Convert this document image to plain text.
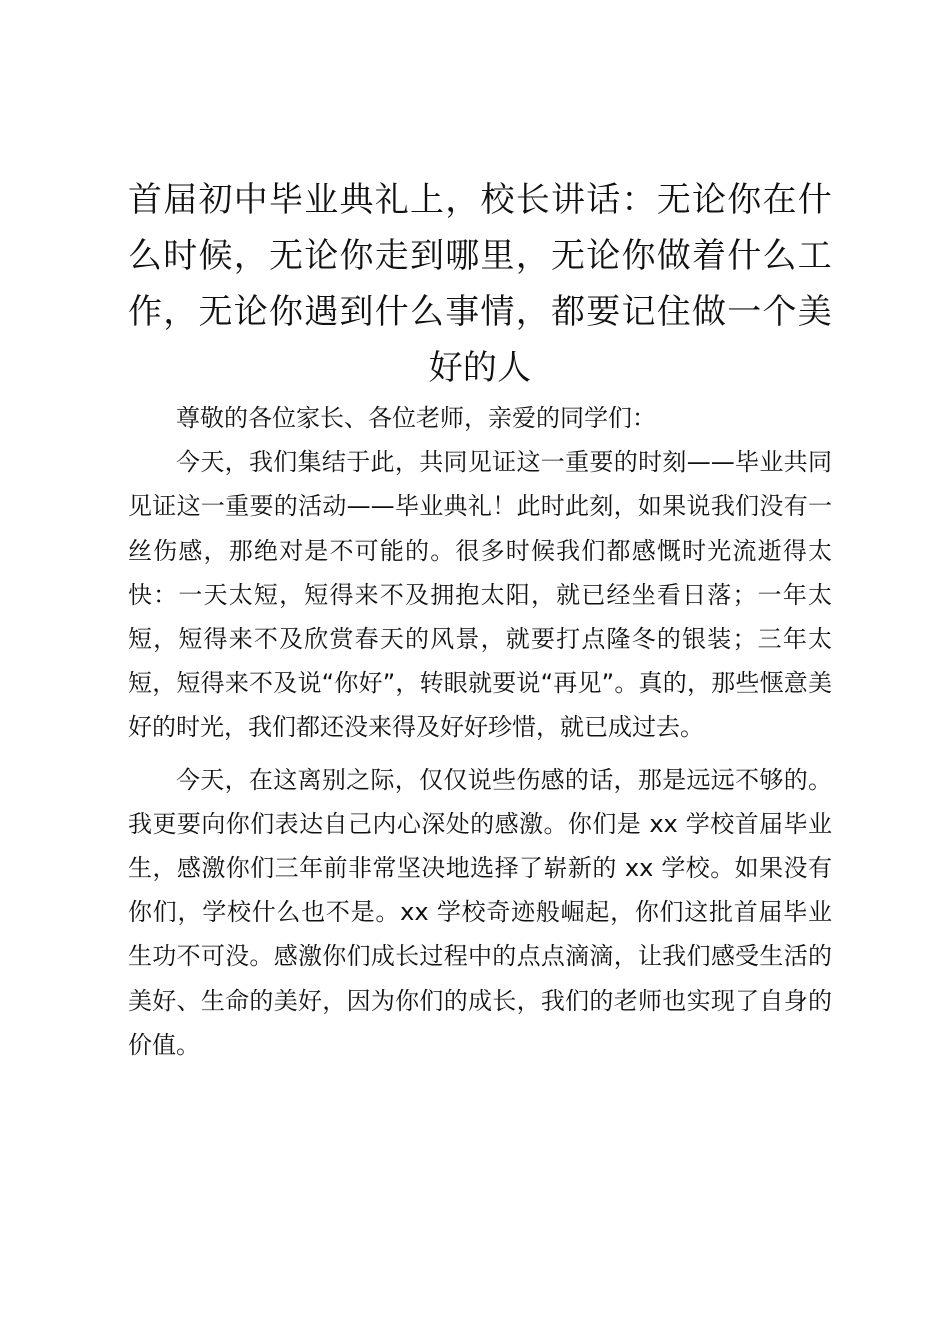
首届初中毕业典礼上，校长讲话：无论你在什么时候，无论你走到哪里，无论你做着什么工作，无论你遇到什么事情，都要记住做一个美好的人

尊敬的各位家长、各位老师，亲爱的同学们：

今天，我们集结于此，共同见证这一重要的时刻——毕业共同见证这一重要的活动——毕业典礼！此时此刻，如果说我们没有一丝伤感，那绝对是不可能的。很多时候我们都感慨时光流逝得太快：一天太短，短得来不及拥抱太阳，就已经坐看日落；一年太短，短得来不及欣赏春天的风景，就要打点隆冬的银装；三年太短，短得来不及说“你好”，转眼就要说“再见”。真的，那些惬意美好的时光，我们都还没来得及好好珍惜，就已成过去。

今天，在这离别之际，仅仅说些伤感的话，那是远远不够的。我更要向你们表达自己内心深处的感激。你们是 xx 学校首届毕业生，感激你们三年前非常坚决地选择了崭新的 xx 学校。如果没有你们，学校什么也不是。xx 学校奇迹般崛起，你们这批首届毕业生功不可没。感激你们成长过程中的点点滴滴，让我们感受生活的美好、生命的美好，因为你们的成长，我们的老师也实现了自身的价值。
